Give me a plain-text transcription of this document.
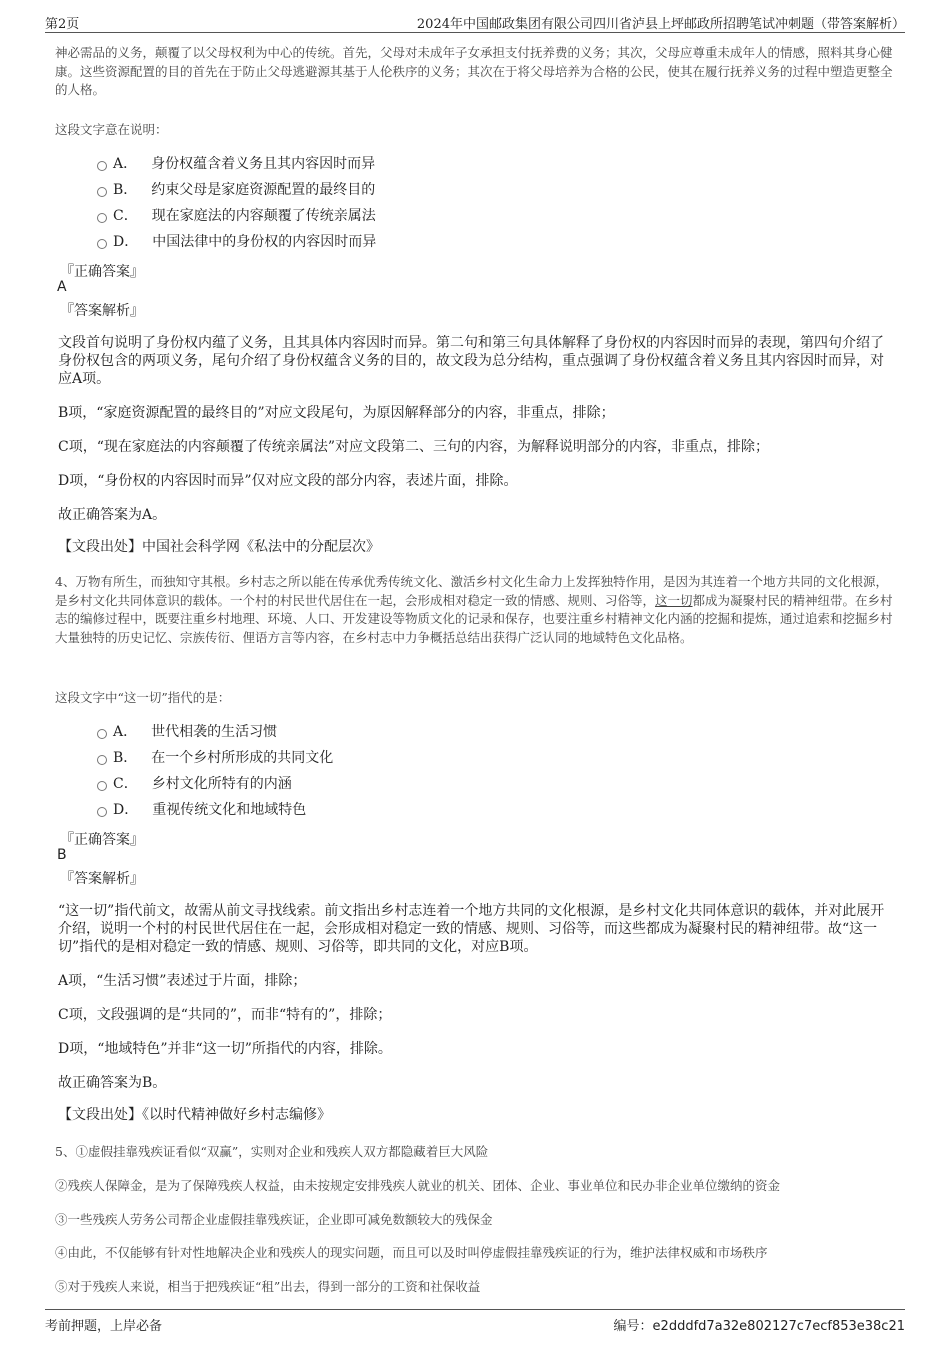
第2页	2024年中国邮政集团有限公司四川省泸县上坪邮政所招聘笔试冲刺题（带答案解析）
神必需品的义务，颠覆了以父母权利为中心的传统。首先，父母对未成年子女承担支付抚养费的义务；其次，父母应尊重未成年人的情感，照料其身心健康。这些资源配置的目的首先在于防止父母逃避源其基于人伦秩序的义务；其次在于将父母培养为合格的公民，使其在履行抚养义务的过程中塑造更整全的人格。
这段文字意在说明：
A． 身份权蕴含着义务且其内容因时而异
B． 约束父母是家庭资源配置的最终目的
C． 现在家庭法的内容颠覆了传统亲属法
D． 中国法律中的身份权的内容因时而异
『正确答案』
A
『答案解析』
文段首句说明了身份权内蕴了义务，且其具体内容因时而异。第二句和第三句具体解释了身份权的内容因时而异的表现，第四句介绍了身份权包含的两项义务，尾句介绍了身份权蕴含义务的目的，故文段为总分结构，重点强调了身份权蕴含着义务且其内容因时而异，对应A项。
B项，“家庭资源配置的最终目的”对应文段尾句，为原因解释部分的内容，非重点，排除；
C项，“现在家庭法的内容颠覆了传统亲属法”对应文段第二、三句的内容，为解释说明部分的内容，非重点，排除；
D项，“身份权的内容因时而异”仅对应文段的部分内容，表述片面，排除。
故正确答案为A。
【文段出处】中国社会科学网《私法中的分配层次》
4、万物有所生，而独知守其根。乡村志之所以能在传承优秀传统文化、激活乡村文化生命力上发挥独特作用，是因为其连着一个地方共同的文化根源，是乡村文化共同体意识的载体。一个村的村民世代居住在一起，会形成相对稳定一致的情感、规则、习俗等，这一切都成为凝聚村民的精神纽带。在乡村志的编修过程中，既要注重乡村地理、环境、人口、开发建设等物质文化的记录和保存，也要注重乡村精神文化内涵的挖掘和提炼，通过追索和挖掘乡村大量独特的历史记忆、宗族传衍、俚语方言等内容，在乡村志中力争概括总结出获得广泛认同的地域特色文化品格。
这段文字中“这一切”指代的是：
A． 世代相袭的生活习惯
B． 在一个乡村所形成的共同文化
C． 乡村文化所特有的内涵
D． 重视传统文化和地域特色
『正确答案』
B
『答案解析』
“这一切”指代前文，故需从前文寻找线索。前文指出乡村志连着一个地方共同的文化根源，是乡村文化共同体意识的载体，并对此展开介绍，说明一个村的村民世代居住在一起，会形成相对稳定一致的情感、规则、习俗等，而这些都成为凝聚村民的精神纽带。故“这一切”指代的是相对稳定一致的情感、规则、习俗等，即共同的文化，对应B项。
A项，“生活习惯”表述过于片面，排除；
C项，文段强调的是“共同的”，而非“特有的”，排除；
D项，“地域特色”并非“这一切”所指代的内容，排除。
故正确答案为B。
【文段出处】《以时代精神做好乡村志编修》
5、①虚假挂靠残疾证看似“双赢”，实则对企业和残疾人双方都隐藏着巨大风险
②残疾人保障金，是为了保障残疾人权益，由未按规定安排残疾人就业的机关、团体、企业、事业单位和民办非企业单位缴纳的资金
③一些残疾人劳务公司帮企业虚假挂靠残疾证，企业即可减免数额较大的残保金
④由此，不仅能够有针对性地解决企业和残疾人的现实问题，而且可以及时叫停虚假挂靠残疾证的行为，维护法律权威和市场秩序
⑤对于残疾人来说，相当于把残疾证“租”出去，得到一部分的工资和社保收益
考前押题，上岸必备	编号：e2dddfd7a32e802127c7ecf853e38c21
